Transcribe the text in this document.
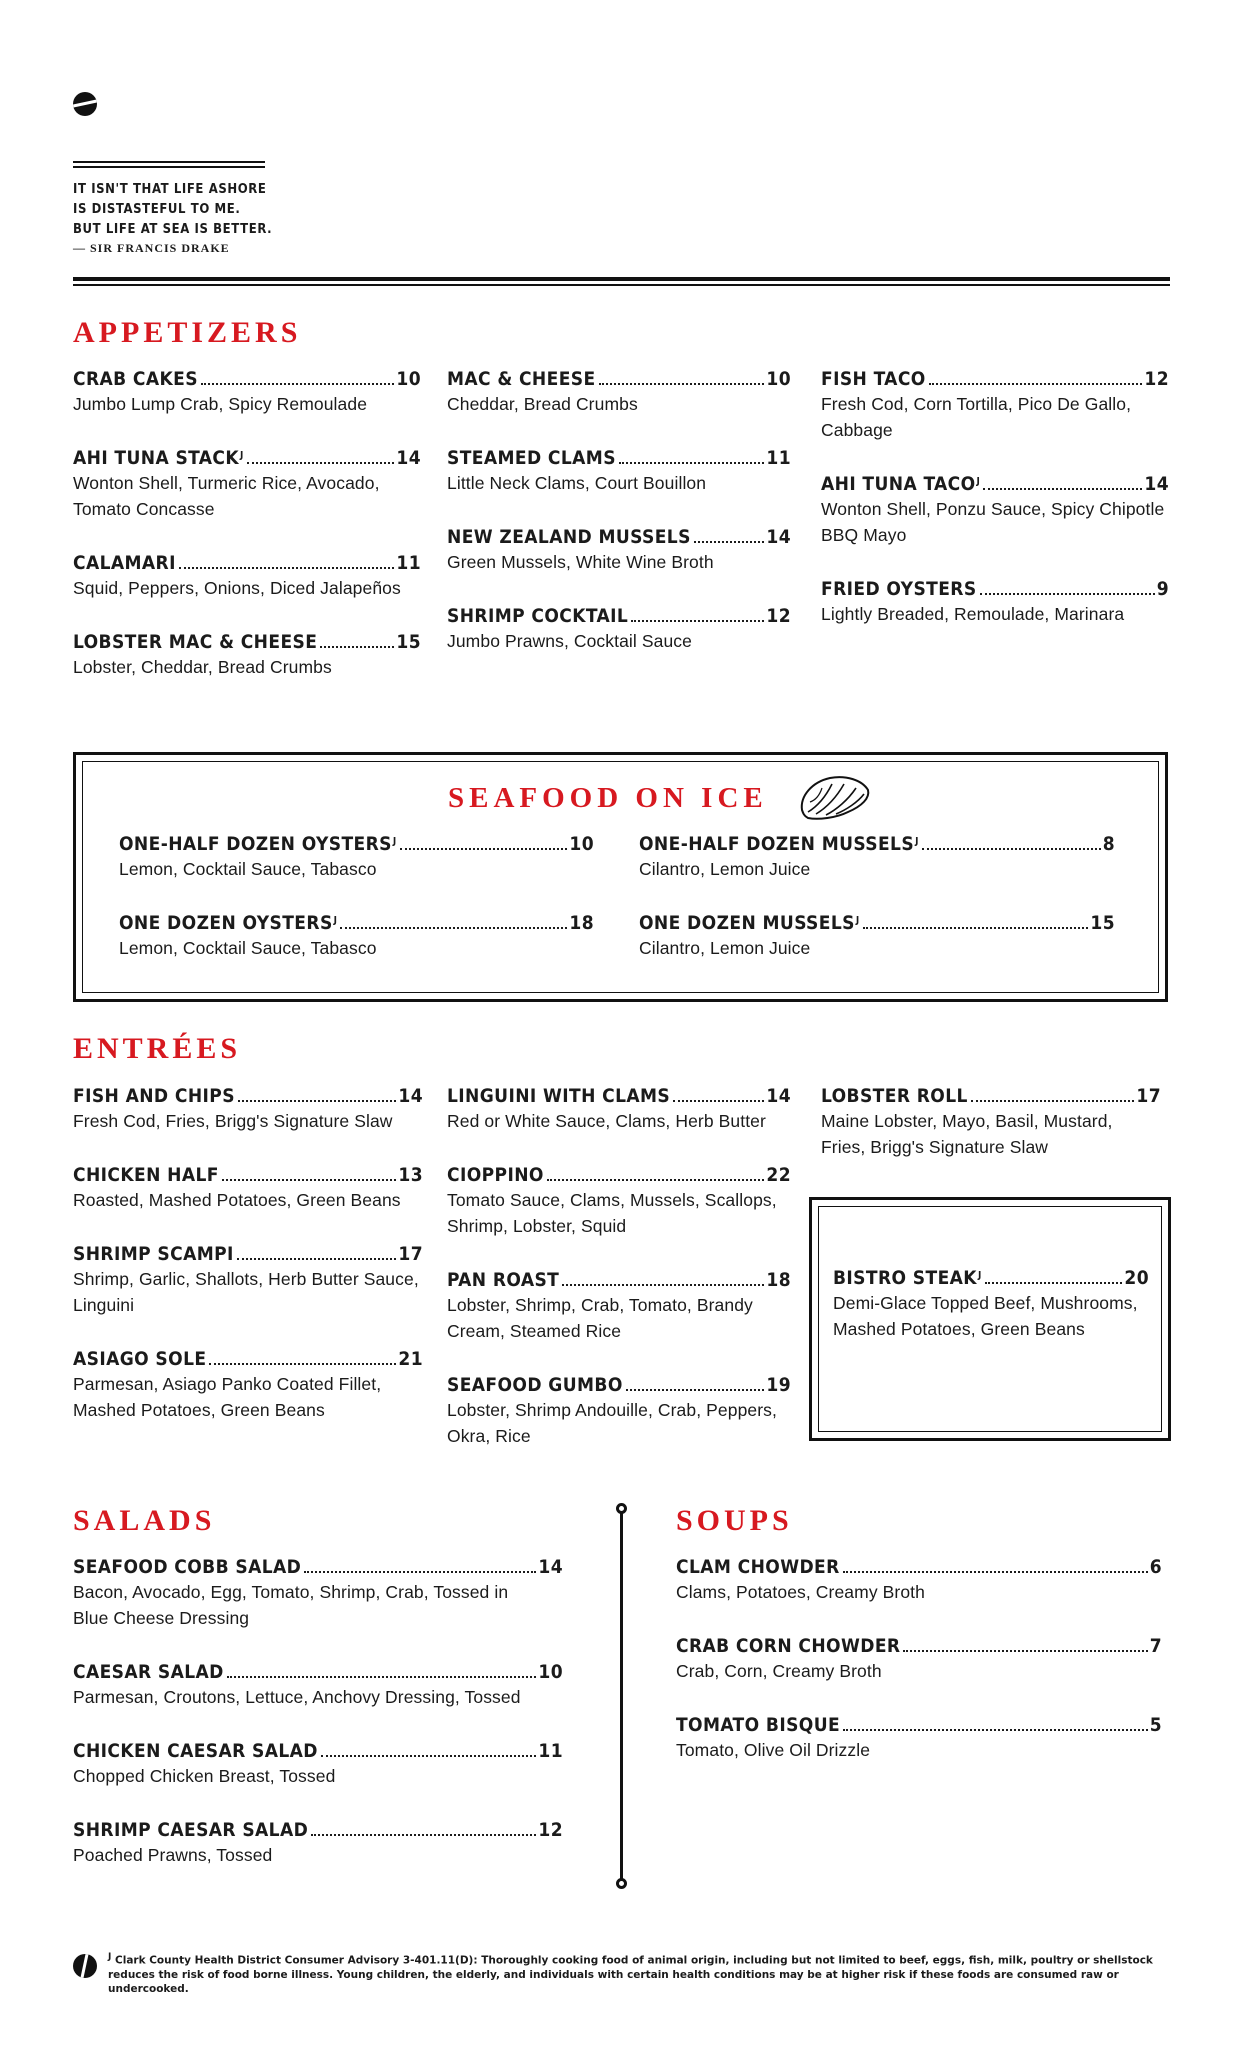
IT ISN'T THAT LIFE ASHORE
IS DISTASTEFUL TO ME.
BUT LIFE AT SEA IS BETTER.
— SIR FRANCIS DRAKE
APPETIZERS
CRAB CAKES	10
Jumbo Lump Crab, Spicy Remoulade
AHI TUNA $STACK^J$	14
Wonton Shell, Turmeric Rice, Avocado, Tomato Concasse
CALAMARI	11
Squid, Peppers, Onions, Diced Jalapeños
LOBSTER MAC & CHEESE	15
Lobster, Cheddar, Bread Crumbs
MAC & CHEESE	10
Cheddar, Bread Crumbs
STEAMED CLAMS	11
Little Neck Clams, Court Bouillon
NEW ZEALAND MUSSELS	14
Green Mussels, White Wine Broth
SHRIMP COCKTAIL	12
Jumbo Prawns, Cocktail Sauce
FISH TACO	12
Fresh Cod, Corn Tortilla, Pico De Gallo, Cabbage
AHI TUNA $TACO^J$	14
Wonton Shell, Ponzu Sauce, Spicy Chipotle BBQ Mayo
FRIED OYSTERS	9
Lightly Breaded, Remoulade, Marinara
SEAFOOD ON ICE
ONE-HALF DOZEN $OYSTERS^J$	10
Lemon, Cocktail Sauce, Tabasco
ONE DOZEN $OYSTERS^J$	18
Lemon, Cocktail Sauce, Tabasco
ONE-HALF DOZEN $MUSSELS^J$	8
Cilantro, Lemon Juice
ONE DOZEN $MUSSELS^J$	15
Cilantro, Lemon Juice
ENTRÉES
FISH AND CHIPS	14
Fresh Cod, Fries, Brigg's Signature Slaw
CHICKEN HALF	13
Roasted, Mashed Potatoes, Green Beans
SHRIMP SCAMPI	17
Shrimp, Garlic, Shallots, Herb Butter Sauce, Linguini
ASIAGO SOLE	21
Parmesan, Asiago Panko Coated Fillet, Mashed Potatoes, Green Beans
LINGUINI WITH CLAMS	14
Red or White Sauce, Clams, Herb Butter
CIOPPINO	22
Tomato Sauce, Clams, Mussels, Scallops, Shrimp, Lobster, Squid
PAN ROAST	18
Lobster, Shrimp, Crab, Tomato, Brandy Cream, Steamed Rice
SEAFOOD GUMBO	19
Lobster, Shrimp Andouille, Crab, Peppers, Okra, Rice
LOBSTER ROLL	17
Maine Lobster, Mayo, Basil, Mustard, Fries, Brigg's Signature Slaw
BISTRO $STEAK^J$	20
Demi-Glace Topped Beef, Mushrooms, Mashed Potatoes, Green Beans
SALADS
SEAFOOD COBB SALAD	14
Bacon, Avocado, Egg, Tomato, Shrimp, Crab, Tossed in Blue Cheese Dressing
CAESAR SALAD	10
Parmesan, Croutons, Lettuce, Anchovy Dressing, Tossed
CHICKEN CAESAR SALAD	11
Chopped Chicken Breast, Tossed
SHRIMP CAESAR SALAD	12
Poached Prawns, Tossed
SOUPS
CLAM CHOWDER	6
Clams, Potatoes, Creamy Broth
CRAB CORN CHOWDER	7
Crab, Corn, Creamy Broth
TOMATO BISQUE	5
Tomato, Olive Oil Drizzle
$^J$ Clark County Health District Consumer Advisory 3-401.11(D): Thoroughly cooking food of animal origin, including but not limited to beef, eggs, fish, milk, poultry or shellstock reduces the risk of food borne illness. Young children, the elderly, and individuals with certain health conditions may be at higher risk if these foods are consumed raw or undercooked.
